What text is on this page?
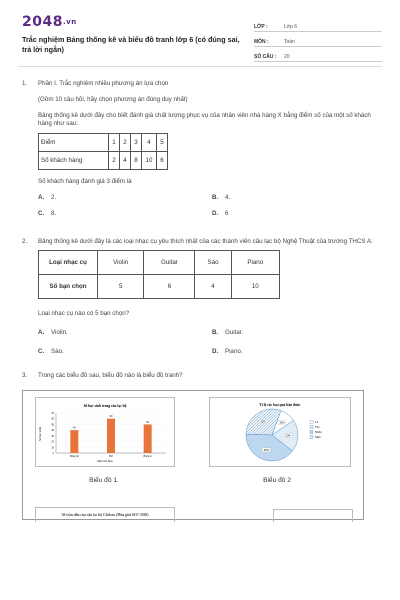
2048.vn
Trắc nghiệm Bảng thống kê và biểu đồ tranh lớp 6 (có đúng sai, trả lời ngắn)
LỚP :	Lớp 6
MÔN :	Toán
SỐ CÂU :	20
1.	Phần I. Trắc nghiệm nhiều phương án lựa chọn

(Gồm 10 câu hỏi, hãy chọn phương án đúng duy nhất)

Bảng thống kê dưới đây cho biết đánh giá chất lượng phục vụ của nhân viên nhà hàng X bằng điểm số của một số khách hàng như sau:

Điểm	1	2	3	4	5
Số khách hàng	2	4	8	10	6

Số khách hàng đánh giá 3 điểm là

A. 2.	B. 4.
C. 8.	D. 6
2.	Bảng thống kê dưới đây là các loại nhạc cụ yêu thích nhất của các thành viên câu lạc bộ Nghệ Thuật của trường THCS A:

Loại nhạc cụ	Violin	Guitar	Sáo	Piano
Số bạn chọn	5	6	4	10

Loại nhạc cụ nào có 5 bạn chọn?

A. Violin.	B. Guitar.
C. Sáo.	D. Piano.
3.	Trong các biểu đồ sau, biểu đồ nào là biểu đồ tranh?

Số học sinh trong câu lạc bộ
Số học sinh
Môn thể thao
70
60
50
40
30
20
10
0
40
Bóng đá
60
Bơi
50
Bóng rổ
Biểu đồ 1.
Tỉ lệ các loại quả bán được
10%
20%
40%
30%	Lê
Táo
Nhãn
Mận
Biểu đồ 2
Số trận đấu của câu lạc bộ Chelsea (Mùa giải 2017-2018)
